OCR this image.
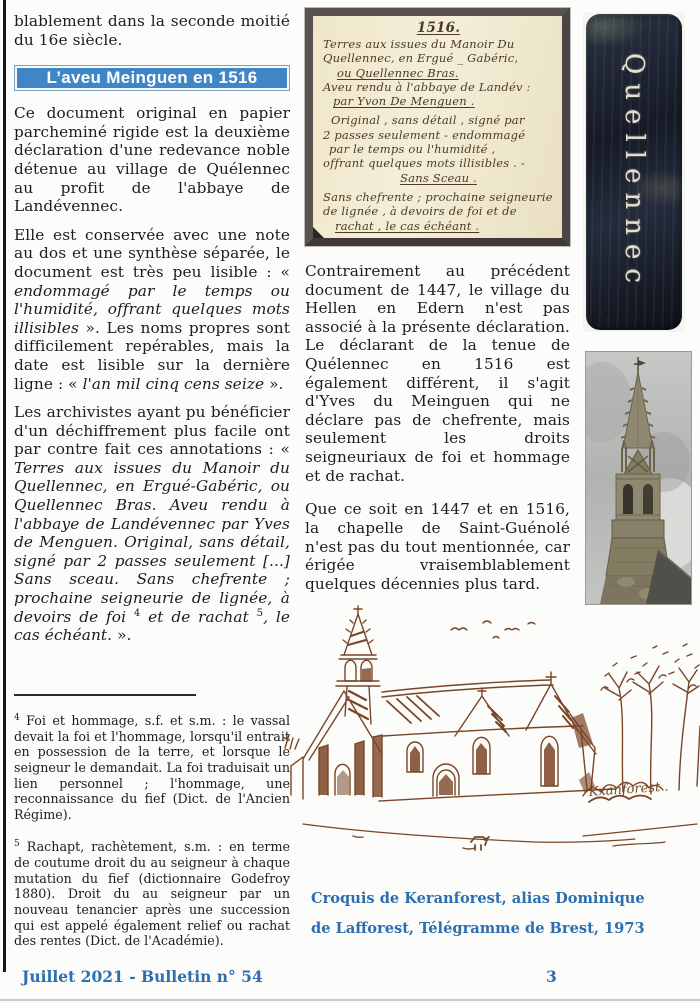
blablement dans la seconde moitié du 16e siècle.

L’aveu Meinguen en 1516

Ce document original en papier parcheminé rigide est la deuxième déclaration d'une redevance noble détenue au village de Quélennec au profit de l'abbaye de Landévennec.

Elle est conservée avec une note au dos et une synthèse séparée, le document est très peu lisible : « endommagé par le temps ou l'humidité, offrant quelques mots illisibles ». Les noms propres sont difficilement repérables, mais la date est lisible sur la dernière ligne : « l'an mil cinq cens seize ».

Les archivistes ayant pu bénéficier d'un déchiffrement plus facile ont par contre fait ces annotations : « Terres aux issues du Manoir du Quellennec, en Ergué-Gabéric, ou Quellennec Bras. Aveu rendu à l'abbaye de Landévennec par Yves de Menguen. Original, sans détail, signé par 2 passes seulement [...] Sans sceau. Sans chefrente ; prochaine seigneurie de lignée, à devoirs de foi $^4$ et de rachat $^5$, le cas échéant. ».

$^4$ Foi et hommage, s.f. et s.m. : le vassal devait la foi et l'hommage, lorsqu'il entrait en possession de la terre, et lorsque le seigneur le demandait. La foi traduisait un lien personnel ; l'hommage, une reconnaissance du fief (Dict. de l'Ancien Régime).

$^5$ Rachapt, rachètement, s.m. : en terme de coutume droit du au seigneur à chaque mutation du fief (dictionnaire Godefroy 1880). Droit du au seigneur par un nouveau tenancier après une succession qui est appelé également relief ou rachat des rentes (Dict. de l'Académie).

1516.
Terres aux issues du Manoir Du
Quellennec, en Ergué _ Gabéric,
ou Quellennec Bras.
Aveu rendu à l'abbaye de Landév :
par Yvon De Menguen .
Original , sans détail , signé par
2 passes seulement - endommagé
par le temps ou l'humidité ,
offrant quelques mots illisibles . -
Sans Sceau .
Sans chefrente ; prochaine seigneurie
de lignée , à devoirs de foi et de
rachat , le cas échéant .
( il y a des aveux postérieurs. )

Contrairement au précédent document de 1447, le village du Hellen en Edern n'est pas associé à la présente déclaration. Le déclarant de la tenue de Quélennec en 1516 est également différent, il s'agit d'Yves du Meinguen qui ne déclare pas de chefrente, mais seulement les droits seigneuriaux de foi et hommage et de rachat.

Que ce soit en 1447 et en 1516, la chapelle de Saint-Guénolé n'est pas du tout mentionnée, car érigée vraisemblablement quelques décennies plus tard.

Croquis de Keranforest, alias Dominique de Lafforest, Télégramme de Brest, 1973
Quellennec
Kxanforest .
Juillet 2021 - Bulletin n° 54	3
